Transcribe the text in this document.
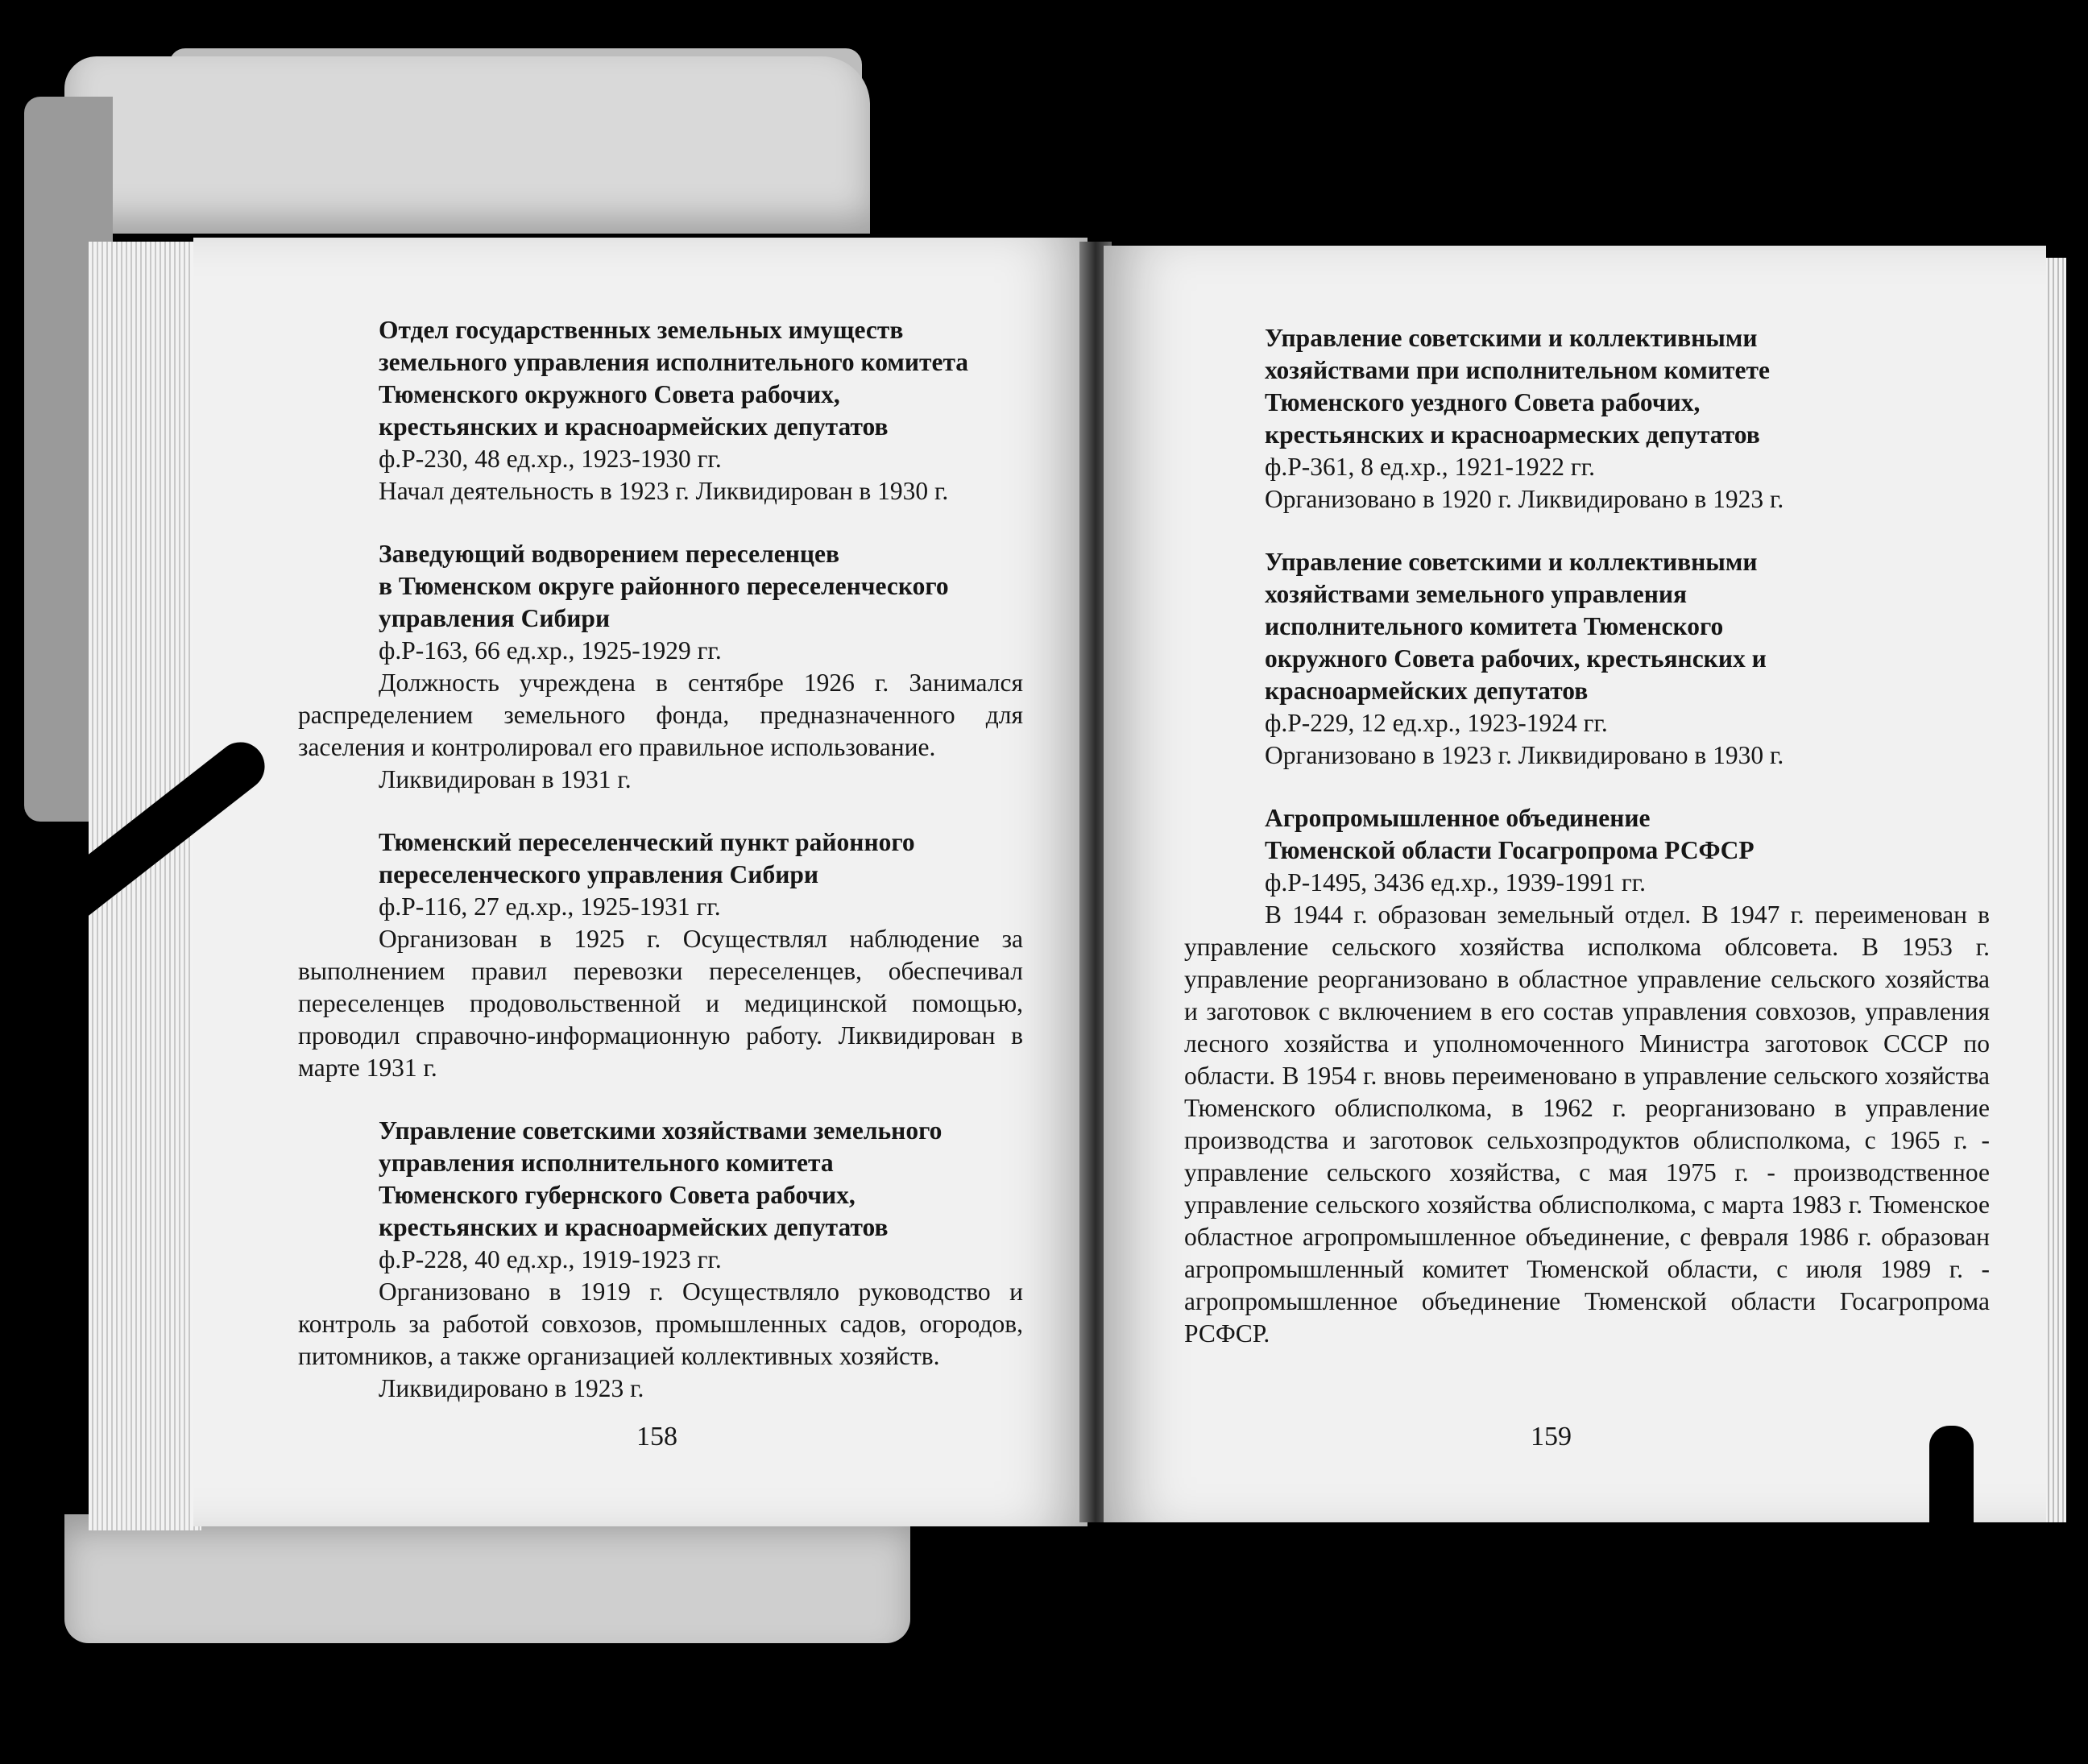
Отдел государственных земельных имуществ
земельного управления исполнительного комитета
Тюменского окружного Совета рабочих,
крестьянских и красноармейских депутатов
ф.Р-230, 48 ед.хр., 1923-1930 гг.
Начал деятельность в 1923 г. Ликвидирован в 1930 г.
Заведующий водворением переселенцев
в Тюменском округе районного переселенческого
управления Сибири
ф.Р-163, 66 ед.хр., 1925-1929 гг.
Должность учреждена в сентябре 1926 г. Занимался распределением земельного фонда, предназначенного для заселения и контролировал его правильное использование.
Ликвидирован в 1931 г.
Тюменский переселенческий пункт районного
переселенческого управления Сибири
ф.Р-116, 27 ед.хр., 1925-1931 гг.
Организован в 1925 г. Осуществлял наблюдение за выполнением правил перевозки переселенцев, обеспечивал переселенцев продовольственной и медицинской помощью, проводил справочно-информационную работу. Ликвидирован в марте 1931 г.
Управление советскими хозяйствами земельного
управления исполнительного комитета
Тюменского губернского Совета рабочих,
крестьянских и красноармейских депутатов
ф.Р-228, 40 ед.хр., 1919-1923 гг.
Организовано в 1919 г. Осуществляло руководство и контроль за работой совхозов, промышленных садов, огородов, питомников, а также организацией коллективных хозяйств.
Ликвидировано в 1923 г.
158
Управление советскими и коллективными
хозяйствами при исполнительном комитете
Тюменского уездного Совета рабочих,
крестьянских и красноармеских депутатов
ф.Р-361, 8 ед.хр., 1921-1922 гг.
Организовано в 1920 г. Ликвидировано в 1923 г.
Управление советскими и коллективными
хозяйствами земельного управления
исполнительного комитета Тюменского
окружного Совета рабочих, крестьянских и
красноармейских депутатов
ф.Р-229, 12 ед.хр., 1923-1924 гг.
Организовано в 1923 г. Ликвидировано в 1930 г.
Агропромышленное объединение
Тюменской области Госагропрома РСФСР
ф.Р-1495, 3436 ед.хр., 1939-1991 гг.
В 1944 г. образован земельный отдел. В 1947 г. переименован в управление сельского хозяйства исполкома облсовета. В 1953 г. управление реорганизовано в областное управление сельского хозяйства и заготовок с включением в его состав управления совхозов, управления лесного хозяйства и уполномоченного Министра заготовок СССР по области. В 1954 г. вновь переименовано в управление сельского хозяйства Тюменского облисполкома, в 1962 г. реорганизовано в управление производства и заготовок сельхозпродуктов облисполкома, с 1965 г. - управление сельского хозяйства, с мая 1975 г. - производственное управление сельского хозяйства облисполкома, с марта 1983 г. Тюменское областное агропромышленное объединение, с февраля 1986 г. образован агропромышленный комитет Тюменской области, с июля 1989 г. - агропромышленное объединение Тюменской области Госагропрома РСФСР.
159
